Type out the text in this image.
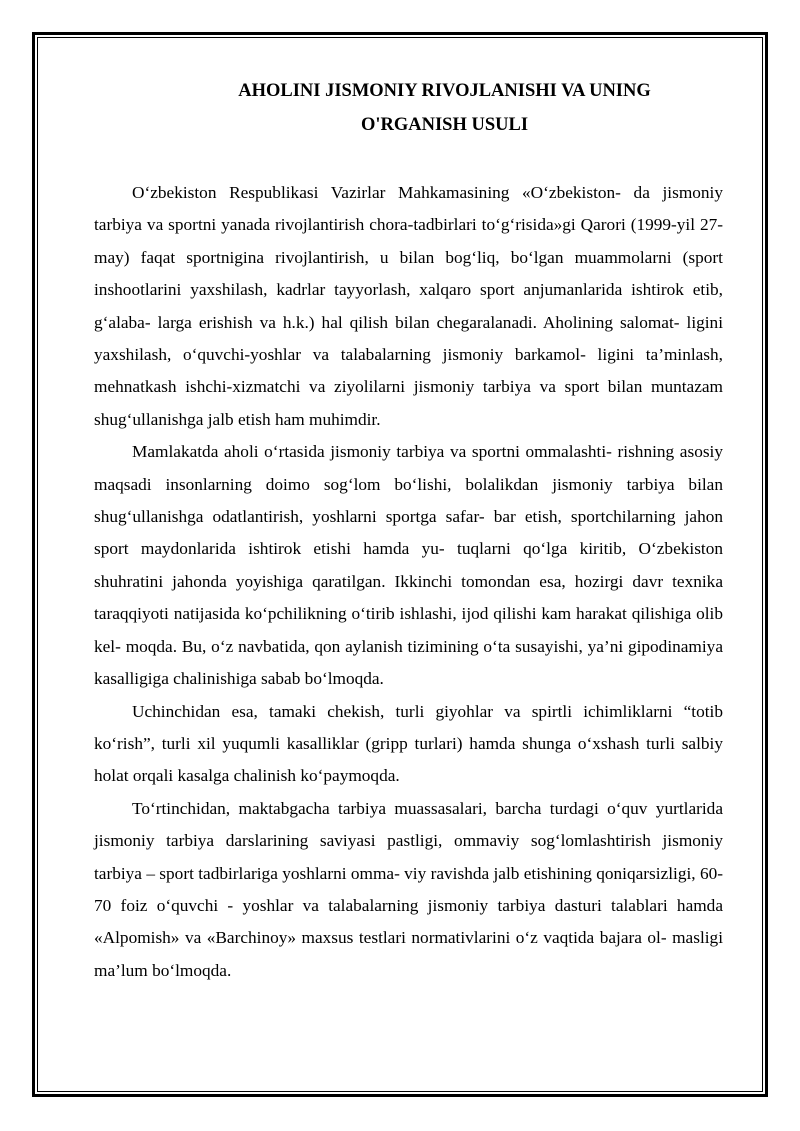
AHOLINI JISMONIY RIVOJLANISHI VA UNING
O'RGANISH USULI

O‘zbekiston Respublikasi Vazirlar Mahkamasining «O‘zbekiston- da jismoniy tarbiya va sportni yanada rivojlantirish chora-tadbirlari to‘g‘risida»gi Qarori (1999-yil 27-may) faqat sportnigina rivojlantirish, u bilan bog‘liq, bo‘lgan muammolarni (sport inshootlarini yaxshilash, kadrlar tayyorlash, xalqaro sport anjumanlarida ishtirok etib, g‘alaba- larga erishish va h.k.) hal qilish bilan chegaralanadi. Aholining salomat- ligini yaxshilash, o‘quvchi-yoshlar va talabalarning jismoniy barkamol- ligini ta’minlash, mehnatkash ishchi-xizmatchi va ziyolilarni jismoniy tarbiya va sport bilan muntazam shug‘ullanishga jalb etish ham muhimdir.

Mamlakatda aholi o‘rtasida jismoniy tarbiya va sportni ommalashti- rishning asosiy maqsadi insonlarning doimo sog‘lom bo‘lishi, bolalikdan jismoniy tarbiya bilan shug‘ullanishga odatlantirish, yoshlarni sportga safar- bar etish, sportchilarning jahon sport maydonlarida ishtirok etishi hamda yu- tuqlarni qo‘lga kiritib, O‘zbekiston shuhratini jahonda yoyishiga qaratilgan. Ikkinchi tomondan esa, hozirgi davr texnika taraqqiyoti natijasida ko‘pchilikning o‘tirib ishlashi, ijod qilishi kam harakat qilishiga olib kel- moqda. Bu, o‘z navbatida, qon aylanish tizimining o‘ta susayishi, ya’ni gipodinamiya kasalligiga chalinishiga sabab bo‘lmoqda.

Uchinchidan esa, tamaki chekish, turli giyohlar va spirtli ichimliklarni “totib ko‘rish”, turli xil yuqumli kasalliklar (gripp turlari) hamda shunga o‘xshash turli salbiy holat orqali kasalga chalinish ko‘paymoqda.

To‘rtinchidan, maktabgacha tarbiya muassasalari, barcha turdagi o‘quv yurtlarida jismoniy tarbiya darslarining saviyasi pastligi, ommaviy sog‘lomlashtirish jismoniy tarbiya – sport tadbirlariga yoshlarni omma- viy ravishda jalb etishining qoniqarsizligi, 60-70 foiz o‘quvchi - yoshlar va talabalarning jismoniy tarbiya dasturi talablari hamda «Alpomish» va «Barchinoy» maxsus testlari normativlarini o‘z vaqtida bajara ol- masligi ma’lum bo‘lmoqda.
